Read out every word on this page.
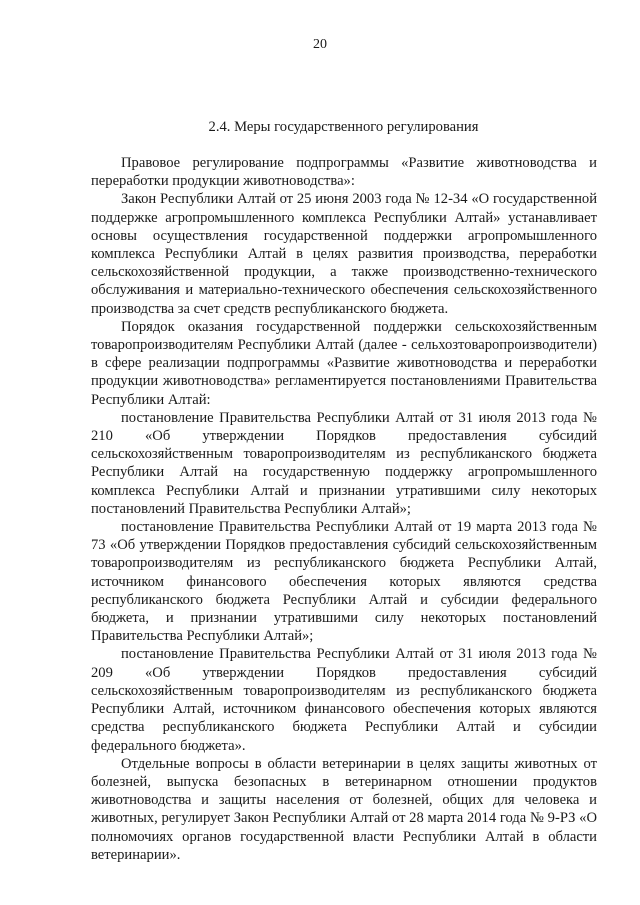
20
2.4. Меры государственного регулирования

Правовое регулирование подпрограммы «Развитие животноводства и переработки продукции животноводства»:

Закон Республики Алтай от 25 июня 2003 года № 12-34 «О государственной поддержке агропромышленного комплекса Республики Алтай» устанавливает основы осуществления государственной поддержки агропромышленного комплекса Республики Алтай в целях развития производства, переработки сельскохозяйственной продукции, а также производственно-технического обслуживания и материально-технического обеспечения сельскохозяйственного производства за счет средств республиканского бюджета.

Порядок оказания государственной поддержки сельскохозяйственным товаропроизводителям Республики Алтай (далее - сельхозтоваропроизводители) в сфере реализации подпрограммы «Развитие животноводства и переработки продукции животноводства» регламентируется постановлениями Правительства Республики Алтай:

постановление Правительства Республики Алтай от 31 июля 2013 года № 210 «Об утверждении Порядков предоставления субсидий сельскохозяйственным товаропроизводителям из республиканского бюджета Республики Алтай на государственную поддержку агропромышленного комплекса Республики Алтай и признании утратившими силу некоторых постановлений Правительства Республики Алтай»;

постановление Правительства Республики Алтай от 19 марта 2013 года № 73 «Об утверждении Порядков предоставления субсидий сельскохозяйственным товаропроизводителям из республиканского бюджета Республики Алтай, источником финансового обеспечения которых являются средства республиканского бюджета Республики Алтай и субсидии федерального бюджета, и признании утратившими силу некоторых постановлений Правительства Республики Алтай»;

постановление Правительства Республики Алтай от 31 июля 2013 года № 209 «Об утверждении Порядков предоставления субсидий сельскохозяйственным товаропроизводителям из республиканского бюджета Республики Алтай, источником финансового обеспечения которых являются средства республиканского бюджета Республики Алтай и субсидии федерального бюджета».

Отдельные вопросы в области ветеринарии в целях защиты животных от болезней, выпуска безопасных в ветеринарном отношении продуктов животноводства и защиты населения от болезней, общих для человека и животных, регулирует Закон Республики Алтай от 28 марта 2014 года № 9-РЗ «О полномочиях органов государственной власти Республики Алтай в области ветеринарии».
